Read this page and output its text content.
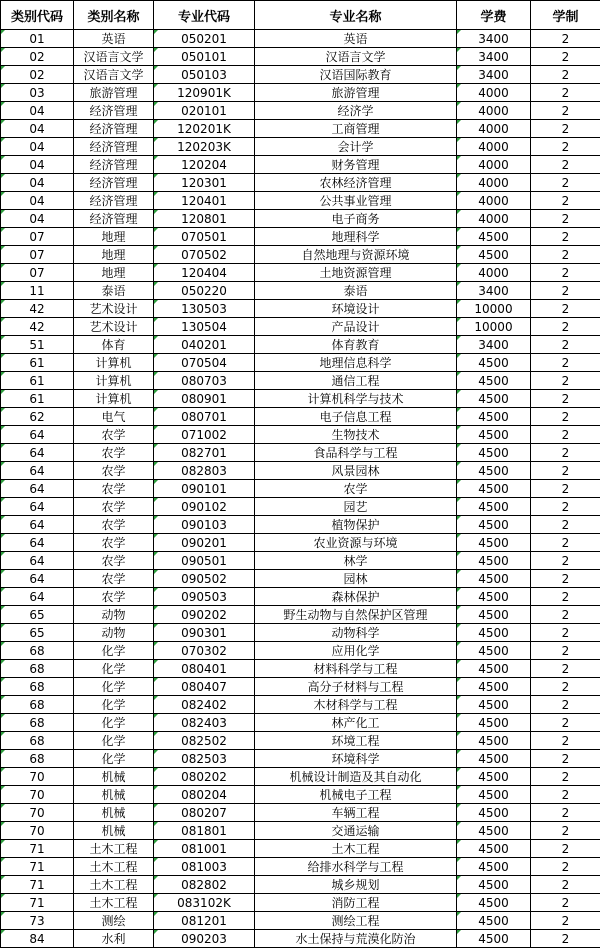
类别代码	类别名称	专业代码	专业名称	学费	学制
01	英语	050201	英语	3400	2
02	汉语言文学	050101	汉语言文学	3400	2
02	汉语言文学	050103	汉语国际教育	3400	2
03	旅游管理	120901K	旅游管理	4000	2
04	经济管理	020101	经济学	4000	2
04	经济管理	120201K	工商管理	4000	2
04	经济管理	120203K	会计学	4000	2
04	经济管理	120204	财务管理	4000	2
04	经济管理	120301	农林经济管理	4000	2
04	经济管理	120401	公共事业管理	4000	2
04	经济管理	120801	电子商务	4000	2
07	地理	070501	地理科学	4500	2
07	地理	070502	自然地理与资源环境	4500	2
07	地理	120404	土地资源管理	4000	2
11	泰语	050220	泰语	3400	2
42	艺术设计	130503	环境设计	10000	2
42	艺术设计	130504	产品设计	10000	2
51	体育	040201	体育教育	3400	2
61	计算机	070504	地理信息科学	4500	2
61	计算机	080703	通信工程	4500	2
61	计算机	080901	计算机科学与技术	4500	2
62	电气	080701	电子信息工程	4500	2
64	农学	071002	生物技术	4500	2
64	农学	082701	食品科学与工程	4500	2
64	农学	082803	风景园林	4500	2
64	农学	090101	农学	4500	2
64	农学	090102	园艺	4500	2
64	农学	090103	植物保护	4500	2
64	农学	090201	农业资源与环境	4500	2
64	农学	090501	林学	4500	2
64	农学	090502	园林	4500	2
64	农学	090503	森林保护	4500	2
65	动物	090202	野生动物与自然保护区管理	4500	2
65	动物	090301	动物科学	4500	2
68	化学	070302	应用化学	4500	2
68	化学	080401	材料科学与工程	4500	2
68	化学	080407	高分子材料与工程	4500	2
68	化学	082402	木材科学与工程	4500	2
68	化学	082403	林产化工	4500	2
68	化学	082502	环境工程	4500	2
68	化学	082503	环境科学	4500	2
70	机械	080202	机械设计制造及其自动化	4500	2
70	机械	080204	机械电子工程	4500	2
70	机械	080207	车辆工程	4500	2
70	机械	081801	交通运输	4500	2
71	土木工程	081001	土木工程	4500	2
71	土木工程	081003	给排水科学与工程	4500	2
71	土木工程	082802	城乡规划	4500	2
71	土木工程	083102K	消防工程	4500	2
73	测绘	081201	测绘工程	4500	2
84	水利	090203	水土保持与荒漠化防治	4500	2
